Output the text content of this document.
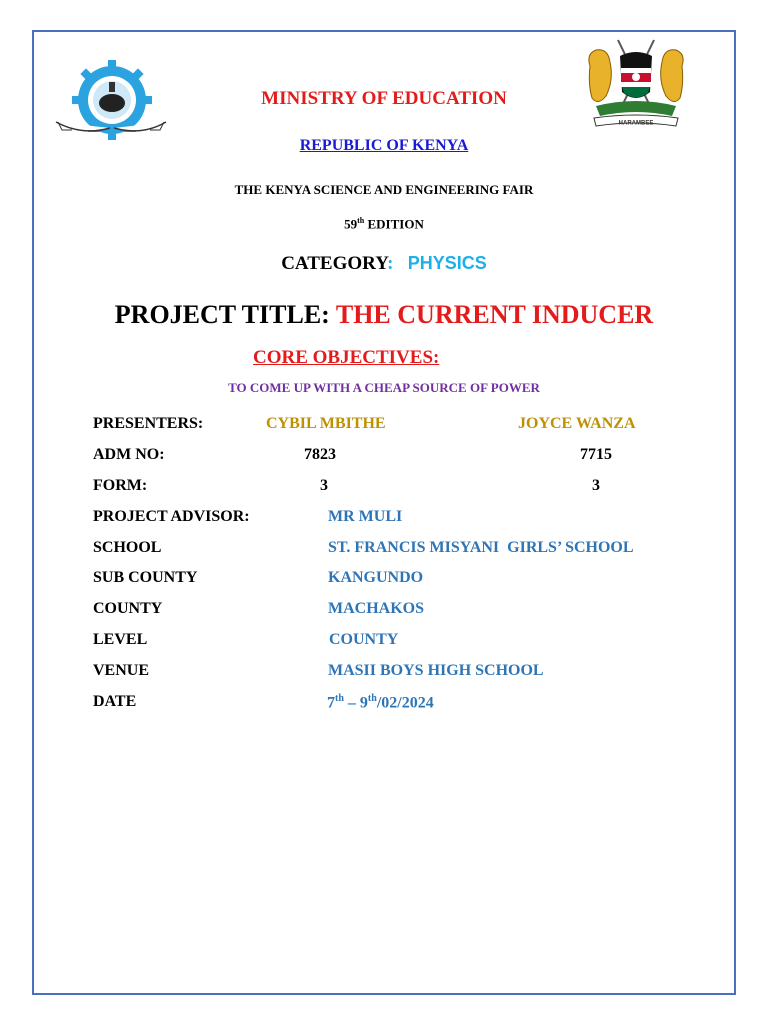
HARAMBEE
MINISTRY OF EDUCATION
REPUBLIC OF KENYA
THE KENYA SCIENCE AND ENGINEERING FAIR
59th EDITION
CATEGORY: PHYSICS
PROJECT TITLE: THE CURRENT INDUCER
CORE OBJECTIVES:
TO COME UP WITH A CHEAP SOURCE OF POWER
PRESENTERS:	CYBIL MBITHE	JOYCE WANZA
ADM NO:	7823	7715
FORM:	3	3
PROJECT ADVISOR:	MR MULI
SCHOOL	ST. FRANCIS MISYANI  GIRLS’ SCHOOL
SUB COUNTY	KANGUNDO
COUNTY	MACHAKOS
LEVEL	COUNTY
VENUE	MASII BOYS HIGH SCHOOL
DATE	7th – 9th/02/2024
